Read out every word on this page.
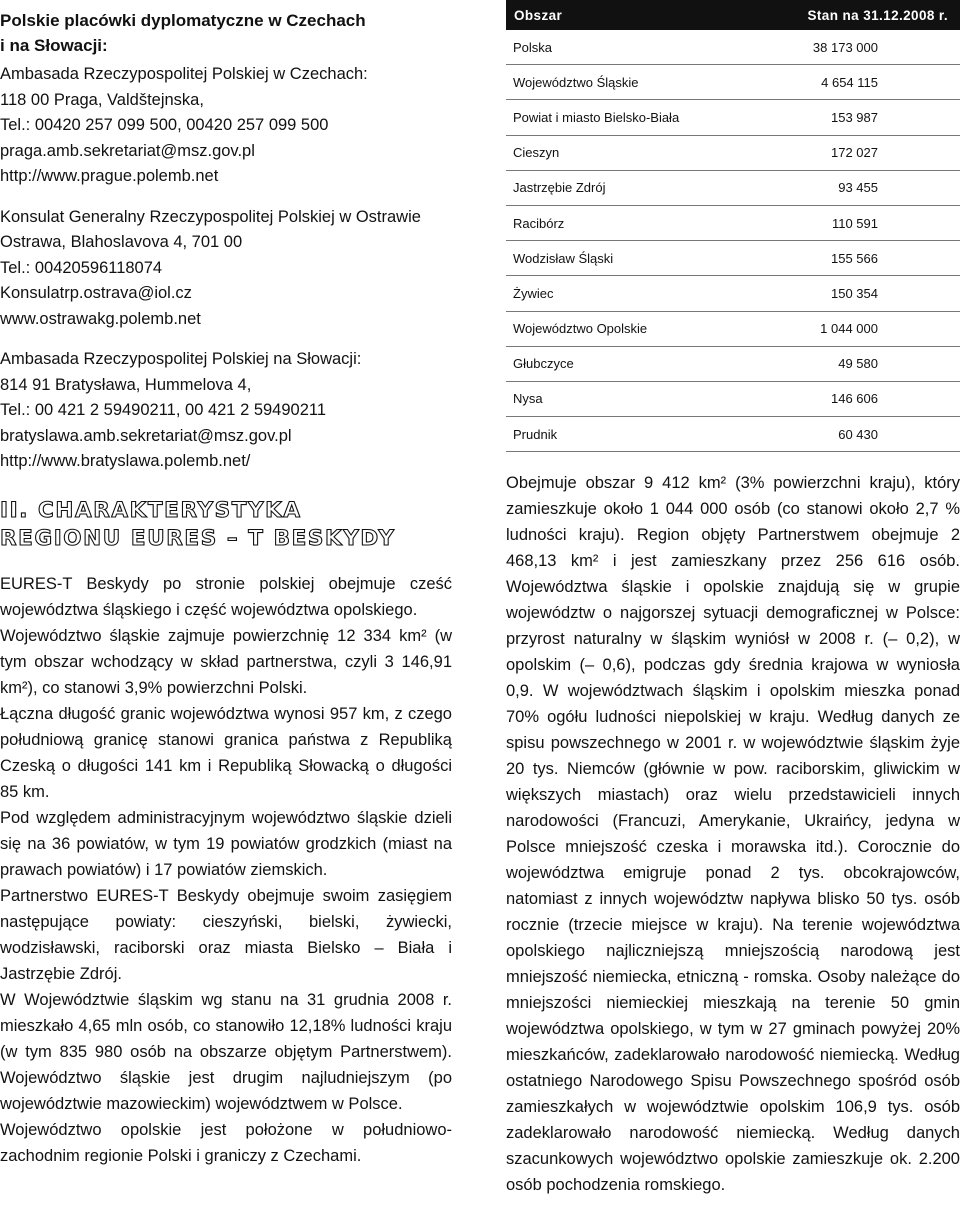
Polskie placówki dyplomatyczne w Czechach
i na Słowacji:

Ambasada Rzeczypospolitej Polskiej w Czechach:

118 00 Praga, Valdštejnska,

Tel.: 00420 257 099 500, 00420 257 099 500

praga.amb.sekretariat@msz.gov.pl

http://www.prague.polemb.net

Konsulat Generalny Rzeczypospolitej Polskiej w Ostrawie

Ostrawa, Blahoslavova 4, 701 00

Tel.: 00420596118074

Konsulatrp.ostrava@iol.cz

www.ostrawakg.polemb.net

Ambasada Rzeczypospolitej Polskiej na Słowacji:

814 91 Bratysława, Hummelova 4,

Tel.: 00 421 2 59490211, 00 421 2 59490211

bratyslawa.amb.sekretariat@msz.gov.pl

http://www.bratyslawa.polemb.net/

II. CHARAKTERYSTYKA
REGIONU EURES – T BESKYDY

EURES-T Beskydy po stronie polskiej obejmuje cześć województwa śląskiego i część województwa opolskiego.

Województwo śląskie zajmuje powierzchnię 12 334 km² (w tym obszar wchodzący w skład partnerstwa, czyli 3 146,91 km²), co stanowi 3,9% powierzchni Polski.

Łączna długość granic województwa wynosi 957 km, z czego południową granicę stanowi granica państwa z Republiką Czeską o długości 141 km i Republiką Słowacką o długości 85 km.

Pod względem administracyjnym województwo śląskie dzieli się na 36 powiatów, w tym 19 powiatów grodzkich (miast na prawach powiatów) i 17 powiatów ziemskich.

Partnerstwo EURES-T Beskydy obejmuje swoim zasięgiem następujące powiaty: cieszyński, bielski, żywiecki, wodzisławski, raciborski oraz miasta Bielsko – Biała i Jastrzębie Zdrój.

W Województwie śląskim wg stanu na 31 grudnia 2008 r. mieszkało 4,65 mln osób, co stanowiło 12,18% ludności kraju (w tym 835 980 osób na obszarze objętym Partnerstwem). Województwo śląskie jest drugim najludniejszym (po województwie mazowieckim) województwem w Polsce.

Województwo opolskie jest położone w południowo-zachodnim regionie Polski i graniczy z Czechami.

Obszar	Stan na 31.12.2008 r.
Polska	38 173 000
Województwo Śląskie	4 654 115
Powiat i miasto Bielsko-Biała	153 987
Cieszyn	172 027
Jastrzębie Zdrój	93 455
Racibórz	110 591
Wodzisław Śląski	155 566
Żywiec	150 354
Województwo Opolskie	1 044 000
Głubczyce	49 580
Nysa	146 606
Prudnik	60 430

Obejmuje obszar 9 412 km² (3% powierzchni kraju), który zamieszkuje około 1 044 000 osób (co stanowi około 2,7 % ludności kraju). Region objęty Partnerstwem obejmuje 2 468,13 km² i jest zamieszkany przez 256 616 osób. Województwa śląskie i opolskie znajdują się w grupie województw o najgorszej sytuacji demograficznej w Polsce: przyrost naturalny w śląskim wyniósł w 2008 r. (– 0,2), w opolskim (– 0,6), podczas gdy średnia krajowa w wyniosła 0,9. W województwach śląskim i opolskim mieszka ponad 70% ogółu ludności niepolskiej w kraju. Według danych ze spisu powszechnego w 2001 r. w województwie śląskim żyje 20 tys. Niemców (głównie w pow. raciborskim, gliwickim w większych miastach) oraz wielu przedstawicieli innych narodowości (Francuzi, Amerykanie, Ukraińcy, jedyna w Polsce mniejszość czeska i morawska itd.). Corocznie do województwa emigruje ponad 2 tys. obcokrajowców, natomiast z innych województw napływa blisko 50 tys. osób rocznie (trzecie miejsce w kraju). Na terenie województwa opolskiego najliczniejszą mniejszością narodową jest mniejszość niemiecka, etniczną - romska. Osoby należące do mniejszości niemieckiej mieszkają na terenie 50 gmin województwa opolskiego, w tym w 27 gminach powyżej 20% mieszkańców, zadeklarowało narodowość niemiecką. Według ostatniego Narodowego Spisu Powszechnego spośród osób zamieszkałych w województwie opolskim 106,9 tys. osób zadeklarowało narodowość niemiecką. Według danych szacunkowych województwo opolskie zamieszkuje ok. 2.200 osób pochodzenia romskiego.
